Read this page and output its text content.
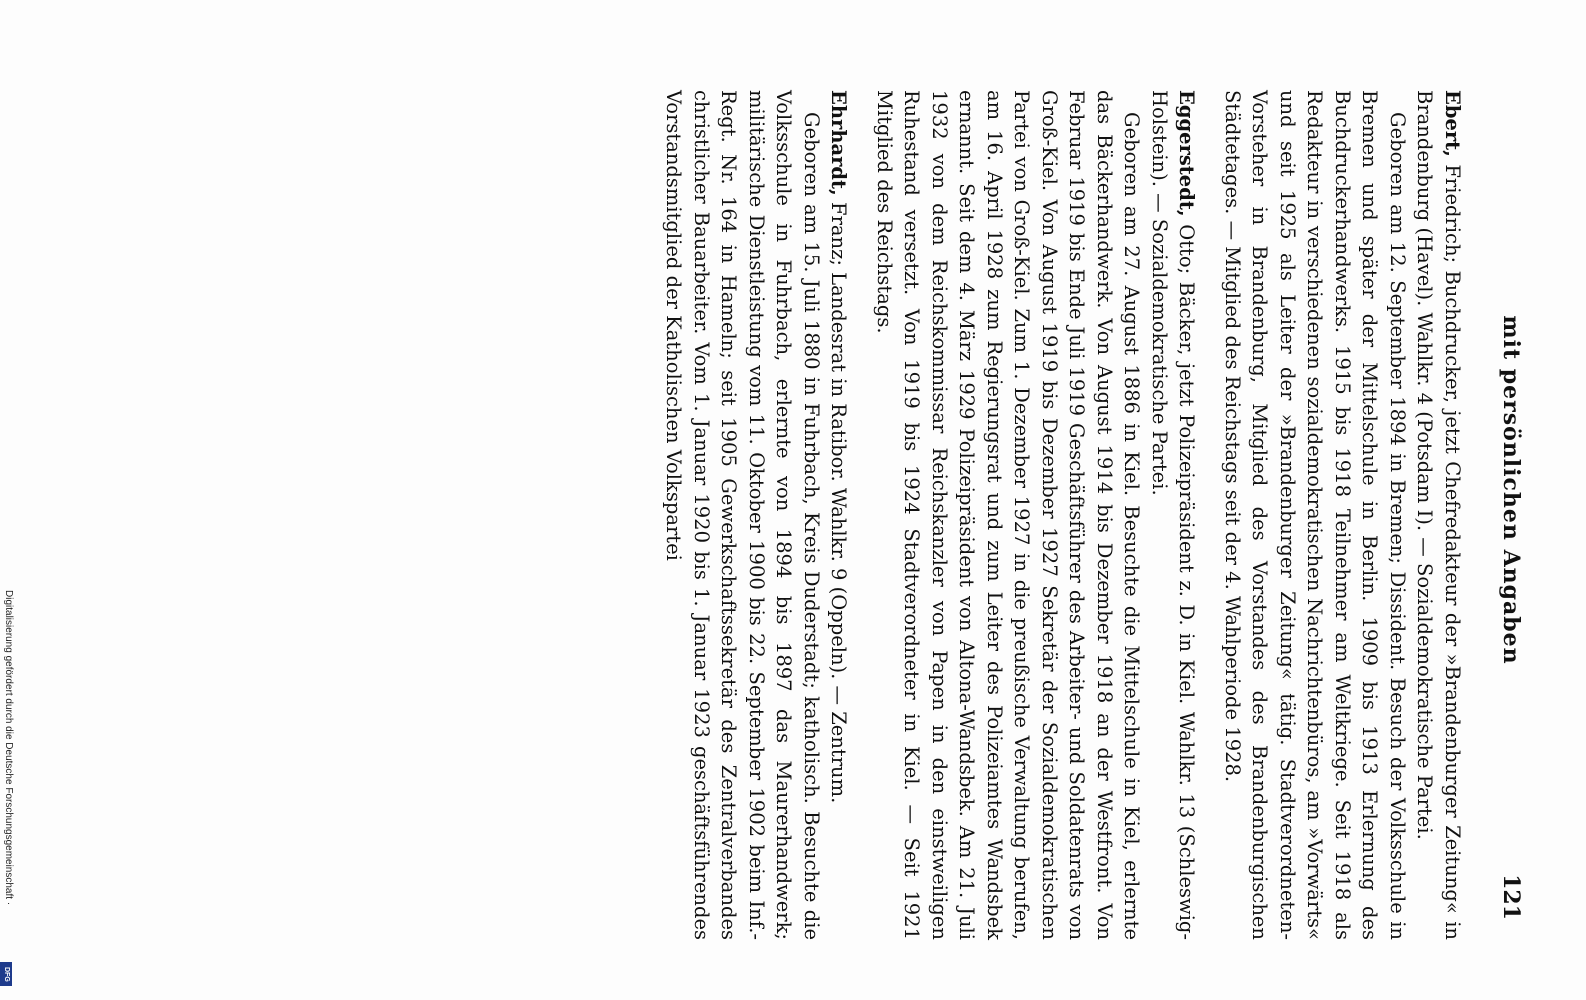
mit persönlichen Angaben
121

Ebert, Friedrich; Buchdrucker, jetzt Chefredakteur der »Brandenburger Zeitung« in Brandenburg (Havel). Wahlkr. 4 (Potsdam I). — Sozialdemokratische Partei.

Geboren am 12. September 1894 in Bremen; Dissident. Besuch der Volksschule in Bremen und später der Mittelschule in Berlin. 1909 bis 1913 Erlernung des Buchdruckerhandwerks. 1915 bis 1918 Teilnehmer am Weltkriege. Seit 1918 als Redakteur in verschiedenen sozialdemokratischen Nachrichtenbüros, am »Vorwärts« und seit 1925 als Leiter der »Brandenburger Zeitung« tätig. Stadtverordneten-Vorsteher in Brandenburg, Mitglied des Vorstandes des Brandenburgischen Städtetages. — Mitglied des Reichstags seit der 4. Wahlperiode 1928.

Eggerstedt, Otto; Bäcker, jetzt Polizeipräsident z. D. in Kiel. Wahlkr. 13 (Schleswig-Holstein). — Sozialdemokratische Partei.

Geboren am 27. August 1886 in Kiel. Besuchte die Mittelschule in Kiel, erlernte das Bäckerhandwerk. Von August 1914 bis Dezember 1918 an der Westfront. Von Februar 1919 bis Ende Juli 1919 Geschäftsführer des Arbeiter- und Soldatenrats von Groß-Kiel. Von August 1919 bis Dezember 1927 Sekretär der Sozialdemokratischen Partei von Groß-Kiel. Zum 1. Dezember 1927 in die preußische Verwaltung berufen, am 16. April 1928 zum Regierungsrat und zum Leiter des Polizeiamtes Wandsbek ernannt. Seit dem 4. März 1929 Polizeipräsident von Altona-Wandsbek. Am 21. Juli 1932 von dem Reichskommissar Reichskanzler von Papen in den einstweiligen Ruhestand versetzt. Von 1919 bis 1924 Stadtverordneter in Kiel. — Seit 1921 Mitglied des Reichstags.

Ehrhardt, Franz; Landesrat in Ratibor. Wahlkr. 9 (Oppeln). — Zentrum.

Geboren am 15. Juli 1880 in Fuhrbach, Kreis Duderstadt; katholisch. Besuchte die Volksschule in Fuhrbach, erlernte von 1894 bis 1897 das Maurerhandwerk; militärische Dienstleistung vom 11. Oktober 1900 bis 22. September 1902 beim Inf.-Regt. Nr. 164 in Hameln; seit 1905 Gewerkschaftssekretär des Zentralverbandes christlicher Bauarbeiter. Vom 1. Januar 1920 bis 1. Januar 1923 geschäftsführendes Vorstandsmitglied der Katholischen Volkspartei

Digitalisierung gefördert durch die Deutsche Forschungsgemeinschaft ·
DFG
